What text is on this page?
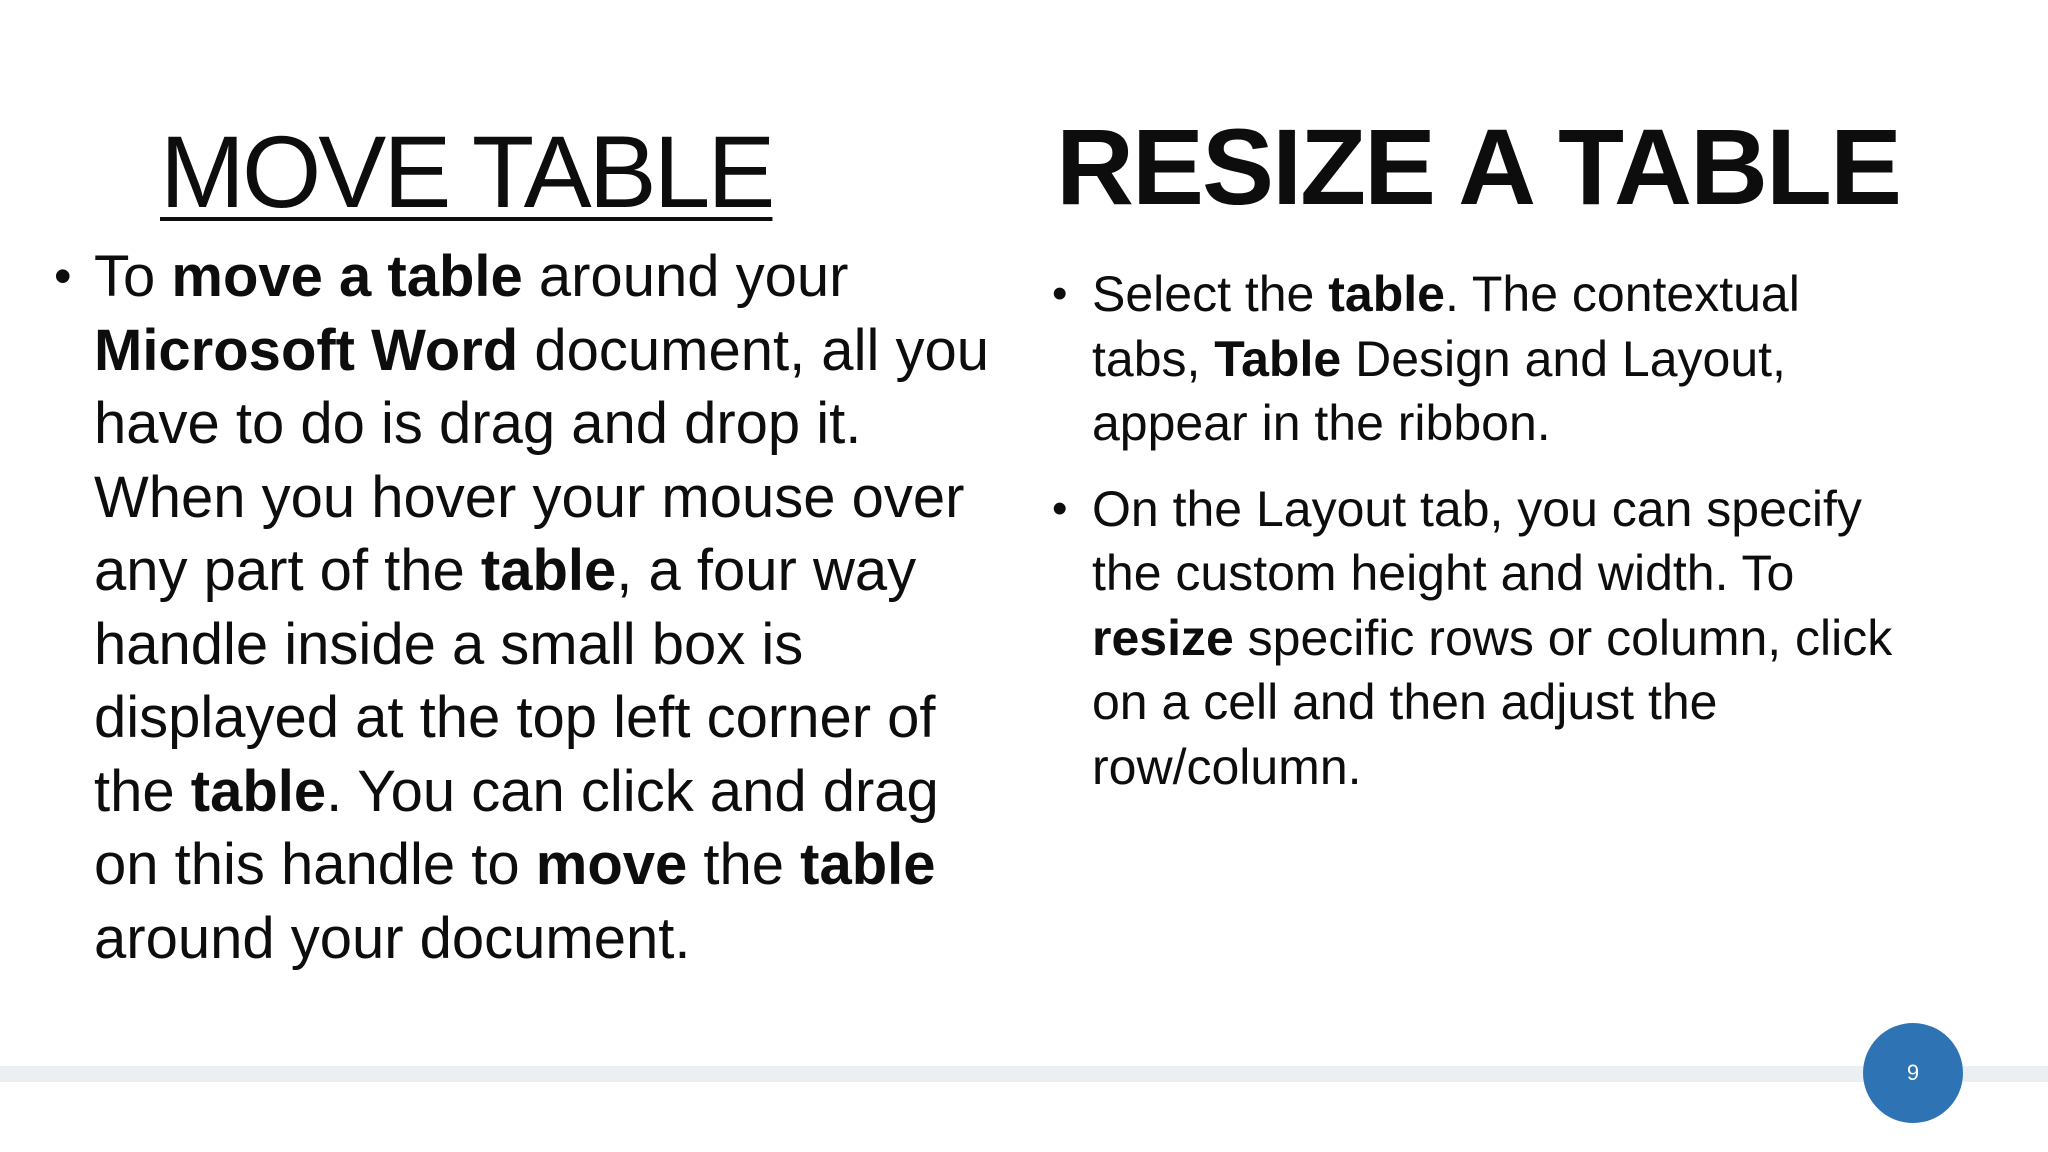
MOVE TABLE	RESIZE A TABLE
• To move a table around your Microsoft Word document, all you have to do is drag and drop it. When you hover your mouse over any part of the table, a four way handle inside a small box is displayed at the top left corner of the table. You can click and drag on this handle to move the table around your document.
• Select the table. The contextual tabs, Table Design and Layout, appear in the ribbon.
• On the Layout tab, you can specify the custom height and width. To resize specific rows or column, click on a cell and then adjust the row/column.
9
